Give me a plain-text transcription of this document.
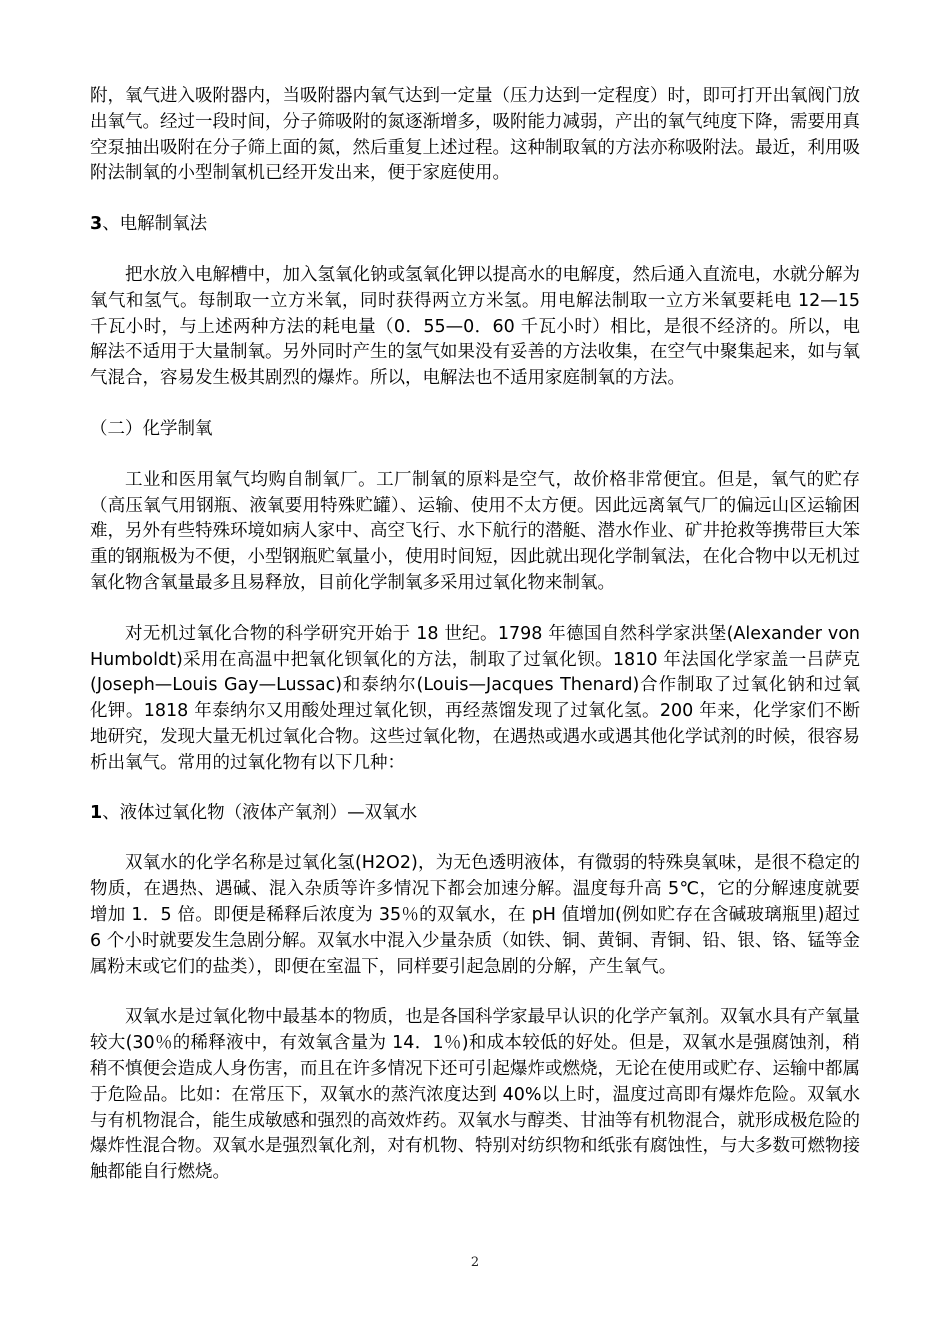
附，氧气进入吸附器内，当吸附器内氧气达到一定量（压力达到一定程度）时，即可打开出氧阀门放出氧气。经过一段时间，分子筛吸附的氮逐渐增多，吸附能力减弱，产出的氧气纯度下降，需要用真空泵抽出吸附在分子筛上面的氮，然后重复上述过程。这种制取氧的方法亦称吸附法。最近，利用吸附法制氧的小型制氧机已经开发出来，便于家庭使用。

3、电解制氧法

把水放入电解槽中，加入氢氧化钠或氢氧化钾以提高水的电解度，然后通入直流电，水就分解为氧气和氢气。每制取一立方米氧，同时获得两立方米氢。用电解法制取一立方米氧要耗电 12—15 千瓦小时，与上述两种方法的耗电量（0．55—0．60 千瓦小时）相比，是很不经济的。所以，电解法不适用于大量制氧。另外同时产生的氢气如果没有妥善的方法收集，在空气中聚集起来，如与氧气混合，容易发生极其剧烈的爆炸。所以，电解法也不适用家庭制氧的方法。

（二）化学制氧

工业和医用氧气均购自制氧厂。工厂制氧的原料是空气，故价格非常便宜。但是，氧气的贮存（高压氧气用钢瓶、液氧要用特殊贮罐）、运输、使用不太方便。因此远离氧气厂的偏远山区运输困难，另外有些特殊环境如病人家中、高空飞行、水下航行的潜艇、潜水作业、矿井抢救等携带巨大笨重的钢瓶极为不便，小型钢瓶贮氧量小，使用时间短，因此就出现化学制氧法，在化合物中以无机过氧化物含氧量最多且易释放，目前化学制氧多采用过氧化物来制氧。

对无机过氧化合物的科学研究开始于 18 世纪。1798 年德国自然科学家洪堡(Alexander von Humboldt)采用在高温中把氧化钡氧化的方法，制取了过氧化钡。1810 年法国化学家盖一吕萨克(Joseph—Louis Gay—Lussac)和泰纳尔(Louis—Jacques Thenard)合作制取了过氧化钠和过氧化钾。1818 年泰纳尔又用酸处理过氧化钡，再经蒸馏发现了过氧化氢。200 年来，化学家们不断地研究，发现大量无机过氧化合物。这些过氧化物，在遇热或遇水或遇其他化学试剂的时候，很容易析出氧气。常用的过氧化物有以下几种：

1、液体过氧化物（液体产氧剂）—双氧水

双氧水的化学名称是过氧化氢(H2O2)，为无色透明液体，有微弱的特殊臭氧味，是很不稳定的物质，在遇热、遇碱、混入杂质等许多情况下都会加速分解。温度每升高 5℃，它的分解速度就要增加 1．5 倍。即便是稀释后浓度为 35％的双氧水，在 pH 值增加(例如贮存在含碱玻璃瓶里)超过 6 个小时就要发生急剧分解。双氧水中混入少量杂质（如铁、铜、黄铜、青铜、铅、银、铬、锰等金属粉末或它们的盐类），即便在室温下，同样要引起急剧的分解，产生氧气。

双氧水是过氧化物中最基本的物质，也是各国科学家最早认识的化学产氧剂。双氧水具有产氧量较大(30％的稀释液中，有效氧含量为 14．1％)和成本较低的好处。但是，双氧水是强腐蚀剂，稍稍不慎便会造成人身伤害，而且在许多情况下还可引起爆炸或燃烧，无论在使用或贮存、运输中都属于危险品。比如：在常压下，双氧水的蒸汽浓度达到 40%以上时，温度过高即有爆炸危险。双氧水与有机物混合，能生成敏感和强烈的高效炸药。双氧水与醇类、甘油等有机物混合，就形成极危险的爆炸性混合物。双氧水是强烈氧化剂，对有机物、特别对纺织物和纸张有腐蚀性，与大多数可燃物接触都能自行燃烧。

2
